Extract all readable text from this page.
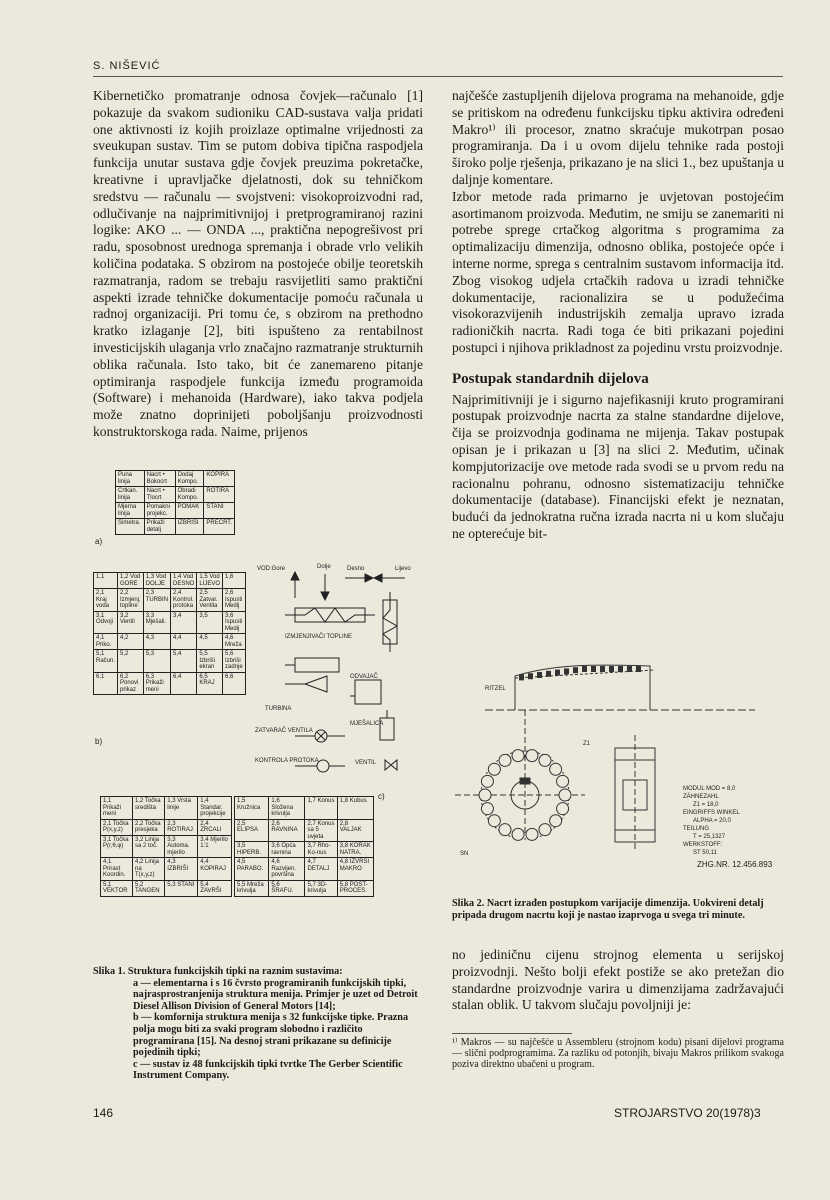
S. NIŠEVIĆ

Kibernetičko promatranje odnosa čovjek—računalo [1] pokazuje da svakom sudioniku CAD-sustava valja pridati one aktivnosti iz kojih proizlaze optimalne vrijednosti za sveukupan sustav. Tim se putom dobiva tipična raspodjela funkcija unutar sustava gdje čovjek preuzima pokretačke, kreativne i upravljačke djelatnosti, dok su tehničkom sredstvu — računalu — svojstveni: visokoproizvodni rad, odlučivanje na najprimitivnijoj i pretprogramiranoj razini logike: AKO ... — ONDA ..., praktična nepogrešivost pri radu, sposobnost urednoga spremanja i obrade vrlo velikih količina podataka. S obzirom na postojeće obilje teoretskih razmatranja, radom se trebaju rasvijetliti samo praktični aspekti izrade tehničke dokumentacije pomoću računala u radnoj organizaciji. Pri tomu će, s obzirom na prethodno kratko izlaganje [2], biti ispušteno za rentabilnost investicijskih ulaganja vrlo značajno razmatranje strukturnih oblika računala. Isto tako, bit će zanemareno pitanje optimiranja raspodjele funkcija između programoida (Software) i mehanoida (Hardware), iako takva podjela može znatno doprinijeti poboljšanju proizvodnosti konstruktorskoga rada. Naime, prijenos

najčešće zastupljenih dijelova programa na mehanoide, gdje se pritiskom na određenu funkcijsku tipku aktivira određeni Makro¹⁾ ili procesor, znatno skraćuje mukotrpan posao programiranja. Da i u ovom dijelu tehnike rada postoji široko polje rješenja, prikazano je na slici 1., bez upuštanja u daljnje komentare.

Izbor metode rada primarno je uvjetovan postojećim asortimanom proizvoda. Međutim, ne smiju se zanemariti ni potrebe sprege crtačkog algoritma s programima za optimalizaciju dimenzija, odnosno oblika, postojeće opće i interne norme, sprega s centralnim sustavom informacija itd. Zbog visokog udjela crtačkih radova u izradi tehničke dokumentacije, racionalizira se u podužećima visokorazvijenih industrijskih zemalja upravo izrada radioničkih nacrta. Radi toga će biti prikazani pojedini postupci i njihova prikladnost za pojedinu vrstu proizvodnje.

Postupak standardnih dijelova

Najprimitivniji je i sigurno najefikasniji kruto programirani postupak proizvodnje nacrta za stalne standardne dijelove, čija se proizvodnja godinama ne mijenja. Takav postupak opisan je i prikazan u [3] na slici 2. Međutim, učinak kompjutorizacije ove metode rada svodi se u prvom redu na racionalnu pohranu, odnosno sistematizaciju tehničke dokumentacije (database). Financijski efekt je neznatan, budući da jednokratna ručna izrada nacrta ni u kom slučaju ne opterećuje bit-

Puna linija	Nacrt • Bokocrt	Dodaj Kompo.	KOPIRA
Crtkan. linija	Nacrt • Tlocrt	Obradi Kompo.	ROTIRA
Mjerna linija	Pomakni projekc.	POMAK	STANI
Simetra.	Prikaži detalj	IZBRIŠI	PRECRT.
a)
1,1	1,2 Vod GORE	1,3 Vod DOLJE	1,4 Vod DESNO	1,5 Vod LIJEVO	1,6
2,1 Kraj voda	2,2 Izmjenj. topline	2,3 TURBIN	2,4 Kontrol. protoka	2,5 Zatvar. Ventila	2,6 Ispusti Medij
3,1 Odvoji	3,2 Ventil	3,3 Mješali.	3,4	3,5	3,6 Ispusti Medij
4,1 Priko.	4,2	4,3	4,4	4,5	4,6 Mreža
5,1 Račun.	5,2	5,3	5,4	5,5 Izbriši ekran	5,6 Izbriši zadnje
6,1	6,2 Ponovi prikaz	6,3 Prikaži meni	6,4	6,5 KRAJ	6,6
b)
VOD:Gore	Dolje	Desno	Lijevo
IZMJENJIVAČI TOPLINE
ODVAJAČ
TURBINA
MJEŠALICA
ZATVARAČ VENTILA
VENTIL
KONTROLA PROTOKA
c)
1,1 Prikaži meni	1,2 Točka središta	1,3 Vrsta linije	1,4 Standar. projekcije
2,1 Točka P(x,y,z)	2,2 Točka presjeka	2,3 ROTIRAJ	2,4 ZRCALI
3,1 Točka P(r,θ,φ)	3,2 Linija sa 2 toč.	3,3 Automa. mjerilo	3,4 Mjerilo 1:1
4,1 Prirast Koordin.	4,2 Linija na T(x,y,z)	4,3 IZBRIŠI	4,4 KOPIRAJ
5,1 VEKTOR	5,2 TANGEN	5,3 STANI	5,4 ZAVRŠI
1,5 Kružnica	1,6 Složena krivulja	1,7 Konus	1,8 Kubus
2,5 ELIPSA	2,6 RAVNINA	2,7 Konus sa 5 uvjeta	2,8 VALJAK
3,5 HIPERB.	3,6 Opća ravnina	3,7 Rho-Ko-nus	3,8 KORAK NATRA.
4,5 PARABO.	4,6 Razvijen. površina	4,7 DETALJ	4,8 IZVRŠI MAKRO
5,5 Mreža krivulja	5,6 ŠRAFU.	5,7 3D-krivulja	5,8 POST-PROCES.
RITZEL
SN
Z1
MODUL MOD = 8,0
ZÄHNEZAHL
Z1 = 18,0
EINGRIFFS WINKEL
ALPHA = 20,0
TEILUNG
T = 25,1327
WERKSTOFF:
ST 50,11
ZHG.NR. 12.456.893
Slika 2. Nacrt izrađen postupkom varijacije dimenzija. Uokvireni detalj pripada drugom nacrtu koji je nastao izaprvoga u svega tri minute.

no jediničnu cijenu strojnog elementa u serijskoj proizvodnji. Nešto bolji efekt postiže se ako pretežan dio standardne proizvodnje varira u dimenzijama zadržavajući stalan oblik. U takvom slučaju povoljniji je:

¹⁾ Makros — su najčešće u Assembleru (strojnom kodu) pisani dijelovi programa — slični podprogramima. Za razliku od potonjih, bivaju Makros prilikom svakoga poziva direktno ubačeni u program.
Slika 1. Struktura funkcijskih tipki na raznim sustavima:
a — elementarna i s 16 čvrsto programiranih funkcijskih tipki, najrasprostranjenija struktura menija. Primjer je uzet od Detroit Diesel Allison Division of General Motors [14];
b — komfornija struktura menija s 32 funkcijske tipke. Prazna polja mogu biti za svaki program slobodno i različito programirana [15]. Na desnoj strani prikazane su definicije pojedinih tipki;
c — sustav iz 48 funkcijskih tipki tvrtke The Gerber Scientific Instrument Company.
146	STROJARSTVO 20(1978)3
